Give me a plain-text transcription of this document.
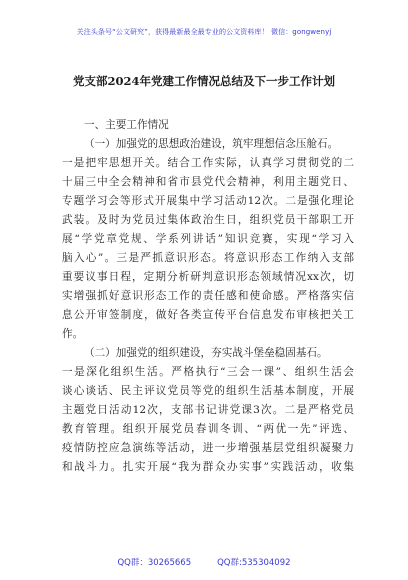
关注头条号“公文研究”，获得最新最全最专业的公文资料库！ 微信：gongwenyj
党支部2024年党建工作情况总结及下一步工作计划
一、主要工作情况
（一）加强党的思想政治建设，筑牢理想信念压舱石。
一是把牢思想开关。结合工作实际，认真学习贯彻党的二
十届三中全会精神和省市县党代会精神，利用主题党日、
专题学习会等形式开展集中学习活动12次。二是强化理论
武装。及时为党员过集体政治生日，组织党员干部职工开
展“学党章党规、学系列讲话”知识竞赛，实现“学习入
脑入心”。三是严抓意识形态。将意识形态工作纳入支部
重要议事日程，定期分析研判意识形态领域情况xx次，切
实增强抓好意识形态工作的责任感和使命感。严格落实信
息公开审签制度，做好各类宣传平台信息发布审核把关工
作。
（二）加强党的组织建设，夯实战斗堡垒稳固基石。
一是深化组织生活。严格执行“三会一课”、组织生活会
谈心谈话、民主评议党员等党的组织生活基本制度，开展
主题党日活动12次，支部书记讲党课3次。二是严格党员
教育管理。组织开展党员春训冬训、“两优一先”评选、
疫情防控应急演练等活动，进一步增强基层党组织凝聚力
和战斗力。扎实开展“我为群众办实事”实践活动，收集
QQ群：30265665	QQ群:535304092
